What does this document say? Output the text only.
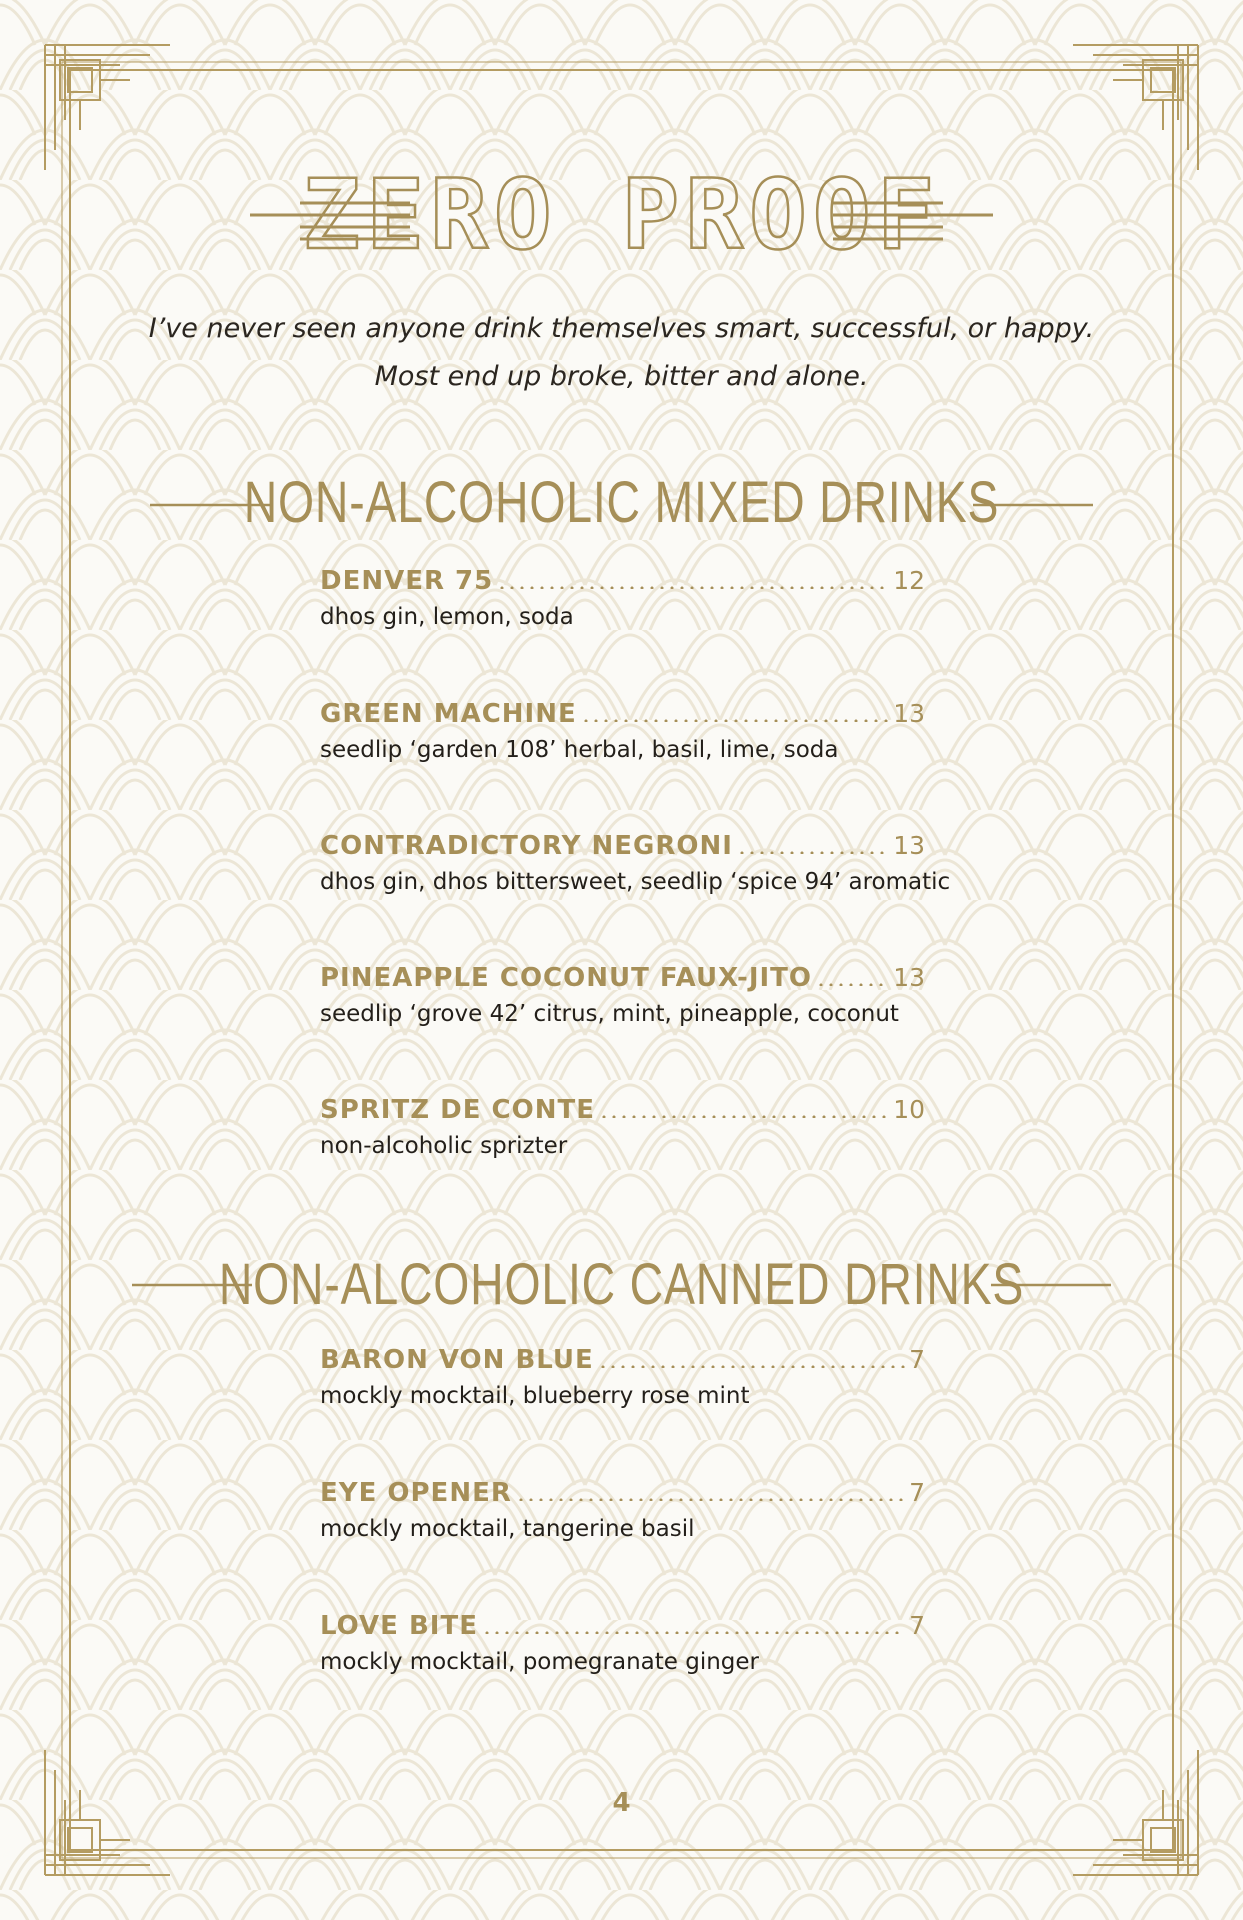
ZERO PROOF
I’ve never seen anyone drink themselves smart, successful, or happy.
Most end up broke, bitter and alone.
NON-ALCOHOLIC MIXED DRINKS
DENVER 75	12
dhos gin, lemon, soda
GREEN MACHINE	13
seedlip ‘garden 108’ herbal, basil, lime, soda
CONTRADICTORY NEGRONI	13
dhos gin, dhos bittersweet, seedlip ‘spice 94’ aromatic
PINEAPPLE COCONUT FAUX-JITO	13
seedlip ‘grove 42’ citrus, mint, pineapple, coconut
SPRITZ DE CONTE	10
non-alcoholic sprizter
NON-ALCOHOLIC CANNED DRINKS
BARON VON BLUE	7
mockly mocktail, blueberry rose mint
EYE OPENER	7
mockly mocktail, tangerine basil
LOVE BITE	7
mockly mocktail, pomegranate ginger
4
